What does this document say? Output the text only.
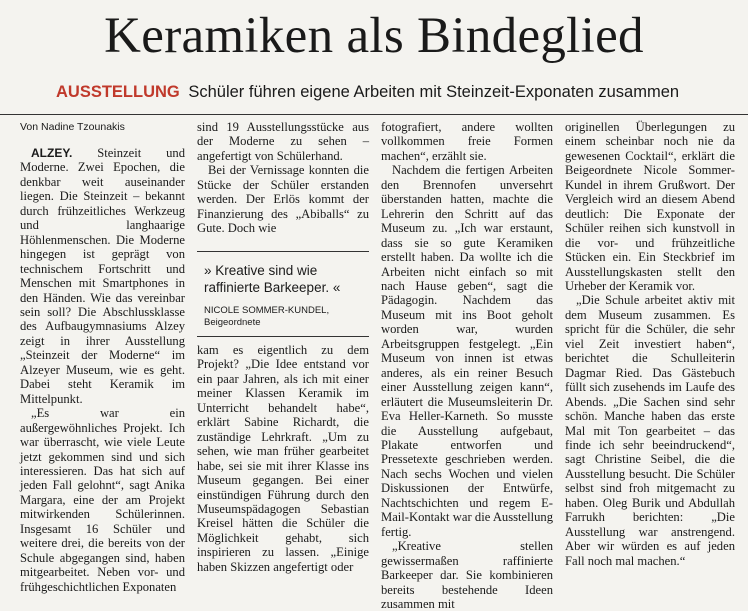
Keramiken als Bindeglied
AUSSTELLUNG Schüler führen eigene Arbeiten mit Steinzeit-Exponaten zusammen
Von Nadine Tzounakis

ALZEY. Steinzeit und Moderne. Zwei Epochen, die denkbar weit auseinander liegen. Die Steinzeit – bekannt durch frühzeitliches Werkzeug und langhaarige Höhlenmenschen. Die Moderne hingegen ist geprägt von technischem Fortschritt und Menschen mit Smartphones in den Händen. Wie das vereinbar sein soll? Die Abschlussklasse des Aufbaugymnasiums Alzey zeigt in ihrer Ausstellung „Steinzeit der Moderne“ im Alzeyer Museum, wie es geht. Dabei steht Keramik im Mittelpunkt.

„Es war ein außergewöhnliches Projekt. Ich war überrascht, wie viele Leute jetzt gekommen sind und sich interessieren. Das hat sich auf jeden Fall gelohnt“, sagt Anika Margara, eine der am Projekt mitwirkenden Schülerinnen. Insgesamt 16 Schüler und weitere drei, die bereits von der Schule abgegangen sind, haben mitgearbeitet. Neben vor- und frühgeschichtlichen Exponaten

sind 19 Ausstellungsstücke aus der Moderne zu sehen – angefertigt von Schülerhand.

Bei der Vernissage konnten die Stücke der Schüler erstanden werden. Der Erlös kommt der Finanzierung des „Abiballs“ zu Gute. Doch wie

» Kreative sind wie raffinierte Barkeeper. «
NICOLE SOMMER-KUNDEL,
Beigeordnete

kam es eigentlich zu dem Projekt? „Die Idee entstand vor ein paar Jahren, als ich mit einer meiner Klassen Keramik im Unterricht behandelt habe“, erklärt Sabine Richardt, die zuständige Lehrkraft. „Um zu sehen, wie man früher gearbeitet habe, sei sie mit ihrer Klasse ins Museum gegangen. Bei einer einstündigen Führung durch den Museumspädagogen Sebastian Kreisel hätten die Schüler die Möglichkeit gehabt, sich inspirieren zu lassen. „Einige haben Skizzen angefertigt oder

fotografiert, andere wollten vollkommen freie Formen machen“, erzählt sie.

Nachdem die fertigen Arbeiten den Brennofen unversehrt überstanden hatten, machte die Lehrerin den Schritt auf das Museum zu. „Ich war erstaunt, dass sie so gute Keramiken erstellt haben. Da wollte ich die Arbeiten nicht einfach so mit nach Hause geben“, sagt die Pädagogin. Nachdem das Museum mit ins Boot geholt worden war, wurden Arbeitsgruppen festgelegt. „Ein Museum von innen ist etwas anderes, als ein reiner Besuch einer Ausstellung zeigen kann“, erläutert die Museumsleiterin Dr. Eva Heller-Karneth. So musste die Ausstellung aufgebaut, Plakate entworfen und Pressetexte geschrieben werden. Nach sechs Wochen und vielen Diskussionen der Entwürfe, Nachtschichten und regem E-Mail-Kontakt war die Ausstellung fertig.

„Kreative stellen gewissermaßen raffinierte Barkeeper dar. Sie kombinieren bereits bestehende Ideen zusammen mit

originellen Überlegungen zu einem scheinbar noch nie da gewesenen Cocktail“, erklärt die Beigeordnete Nicole Sommer-Kundel in ihrem Grußwort. Der Vergleich wird an diesem Abend deutlich: Die Exponate der Schüler reihen sich kunstvoll in die vor- und frühzeitliche Stücken ein. Ein Steckbrief im Ausstellungskasten stellt den Urheber der Keramik vor.

„Die Schule arbeitet aktiv mit dem Museum zusammen. Es spricht für die Schüler, die sehr viel Zeit investiert haben“, berichtet die Schulleiterin Dagmar Ried. Das Gästebuch füllt sich zusehends im Laufe des Abends. „Die Sachen sind sehr schön. Manche haben das erste Mal mit Ton gearbeitet – das finde ich sehr beeindruckend“, sagt Christine Seibel, die die Ausstellung besucht. Die Schüler selbst sind froh mitgemacht zu haben. Oleg Burik und Abdullah Farrukh berichten: „Die Ausstellung war anstrengend. Aber wir würden es auf jeden Fall noch mal machen.“
